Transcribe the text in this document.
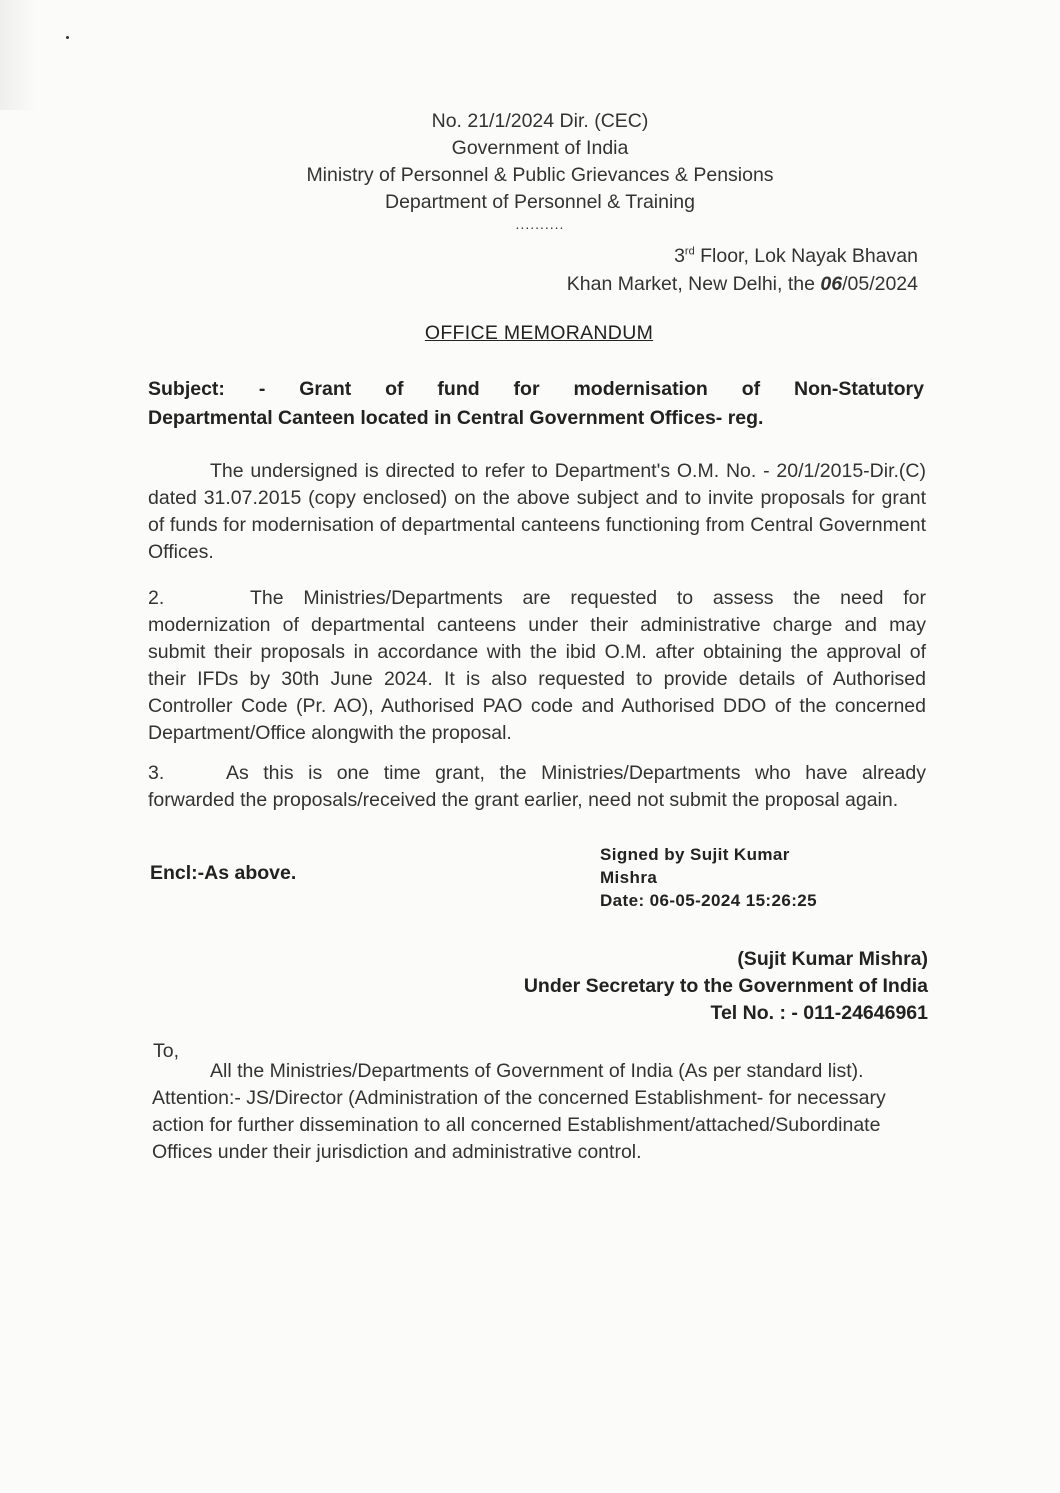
No. 21/1/2024 Dir. (CEC)
Government of India
Ministry of Personnel & Public Grievances & Pensions
Department of Personnel & Training
..........
3rd Floor, Lok Nayak Bhavan
Khan Market, New Delhi, the 06/05/2024
OFFICE MEMORANDUM
Subject: - Grant of fund for modernisation of Non-Statutory
Departmental Canteen located in Central Government Offices- reg.
The undersigned is directed to refer to Department's O.M. No. - 20/1/2015-Dir.(C) dated 31.07.2015 (copy enclosed) on the above subject and to invite proposals for grant of funds for modernisation of departmental canteens functioning from Central Government Offices.
2.	The Ministries/Departments are requested to assess the need for modernization of departmental canteens under their administrative charge and may submit their proposals in accordance with the ibid O.M. after obtaining the approval of their IFDs by 30th June 2024. It is also requested to provide details of Authorised Controller Code (Pr. AO), Authorised PAO code and Authorised DDO of the concerned Department/Office alongwith the proposal.
3.	As this is one time grant, the Ministries/Departments who have already forwarded the proposals/received the grant earlier, need not submit the proposal again.
Encl:-As above.
Signed by Sujit Kumar
Mishra
Date: 06-05-2024 15:26:25
(Sujit Kumar Mishra)
Under Secretary to the Government of India
Tel No. : - 011-24646961
To,
All the Ministries/Departments of Government of India (As per standard list).
Attention:- JS/Director (Administration of the concerned Establishment- for necessary action for further dissemination to all concerned Establishment/attached/Subordinate Offices under their jurisdiction and administrative control.
